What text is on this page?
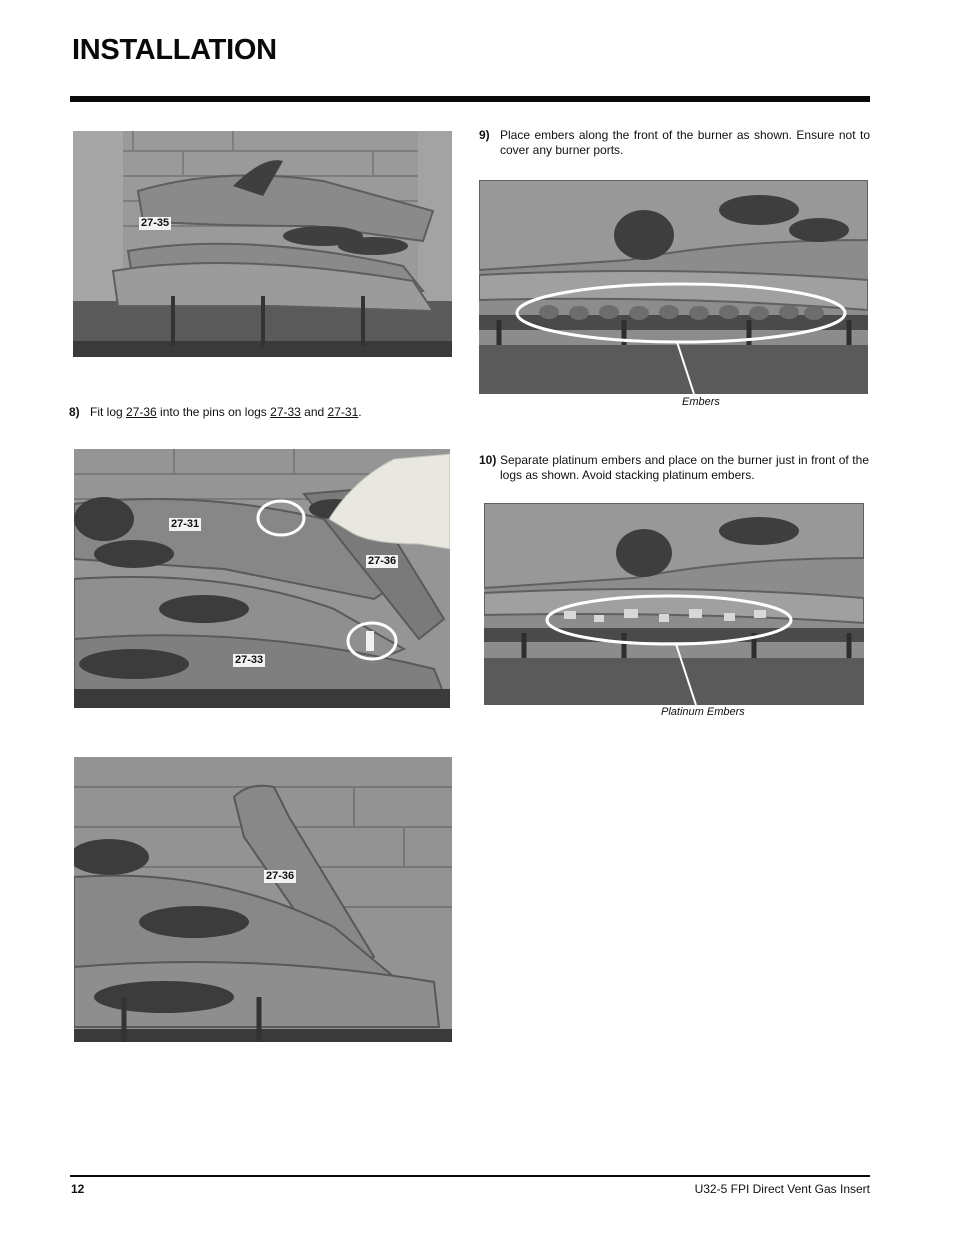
INSTALLATION
27-35
8) Fit log 27-36 into the pins on logs 27-33 and 27-31.
27-31
27-36
27-33
27-36
9) Place embers along the front of the burner as shown. Ensure not to cover any burner ports.
Embers
10) Separate platinum embers and place on the burner just in front of the logs as shown. Avoid stacking platinum embers.
Platinum Embers
12	U32-5 FPI Direct Vent Gas Insert
